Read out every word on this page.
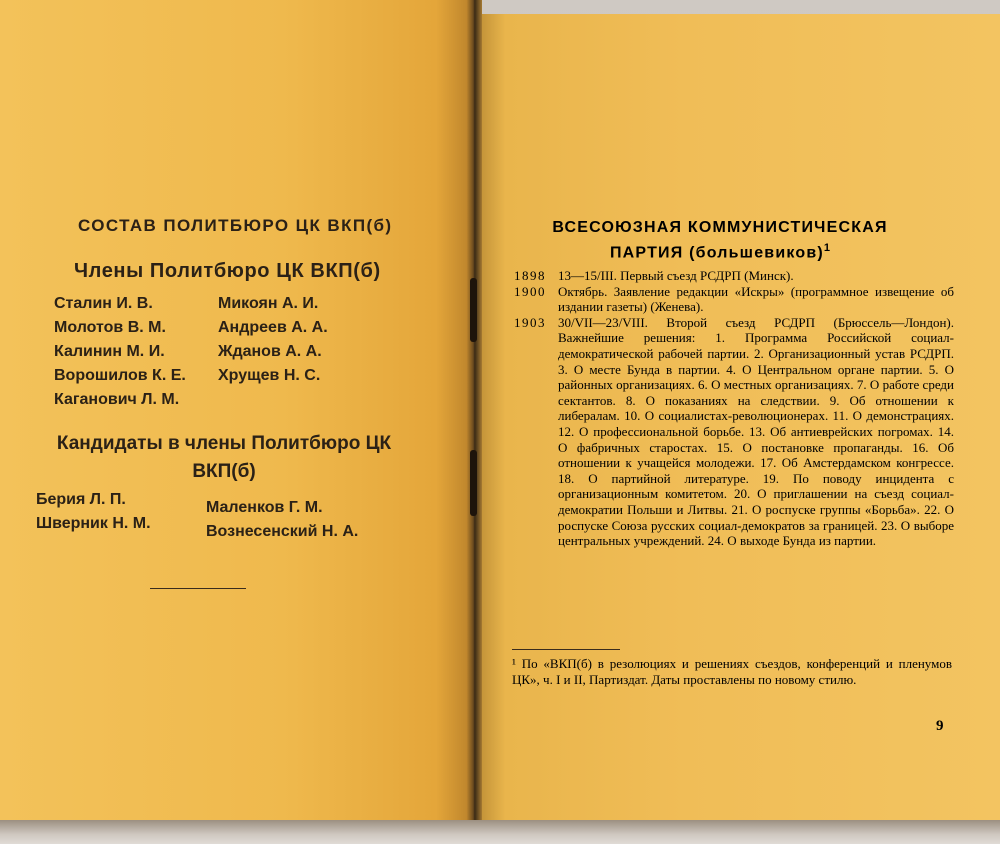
СОСТАВ ПОЛИТБЮРО ЦК ВКП(б)
Члены Политбюро ЦК ВКП(б)
Сталин И. В.
Молотов В. М.
Калинин М. И.
Ворошилов К. Е.
Каганович Л. М.
Микоян А. И.
Андреев А. А.
Жданов А. А.
Хрущев Н. С.
Кандидаты в члены Политбюро ЦК ВКП(б)
Берия Л. П.
Шверник Н. М.
Маленков Г. М.
Вознесенский Н. А.
ВСЕСОЮЗНАЯ КОММУНИСТИЧЕСКАЯ
ПАРТИЯ (большевиков)$^1$
1898 13—15/III. Первый съезд РСДРП (Минск).

1900 Октябрь. Заявление редакции «Искры» (программное извещение об издании газеты) (Женева).

1903 30/VII—23/VIII. Второй съезд РСДРП (Брюссель—Лондон). Важнейшие решения: 1. Программа Российской социал-демократической рабочей партии. 2. Организационный устав РСДРП. 3. О месте Бунда в партии. 4. О Центральном органе партии. 5. О районных организациях. 6. О местных организациях. 7. О работе среди сектантов. 8. О показаниях на следствии. 9. Об отношении к либералам. 10. О социалистах-революционерах. 11. О демонстрациях. 12. О профессиональной борьбе. 13. Об антиеврейских погромах. 14. О фабричных старостах. 15. О постановке пропаганды. 16. Об отношении к учащейся молодежи. 17. Об Амстердамском конгрессе. 18. О партийной литературе. 19. По поводу инцидента с организационным комитетом. 20. О приглашении на съезд социал-демократии Польши и Литвы. 21. О роспуске группы «Борьба». 22. О роспуске Союза русских социал-демократов за границей. 23. О выборе центральных учреждений. 24. О выходе Бунда из партии.

¹ По «ВКП(б) в резолюциях и решениях съездов, конференций и пленумов ЦК», ч. I и II, Партиздат. Даты проставлены по новому стилю.

9
